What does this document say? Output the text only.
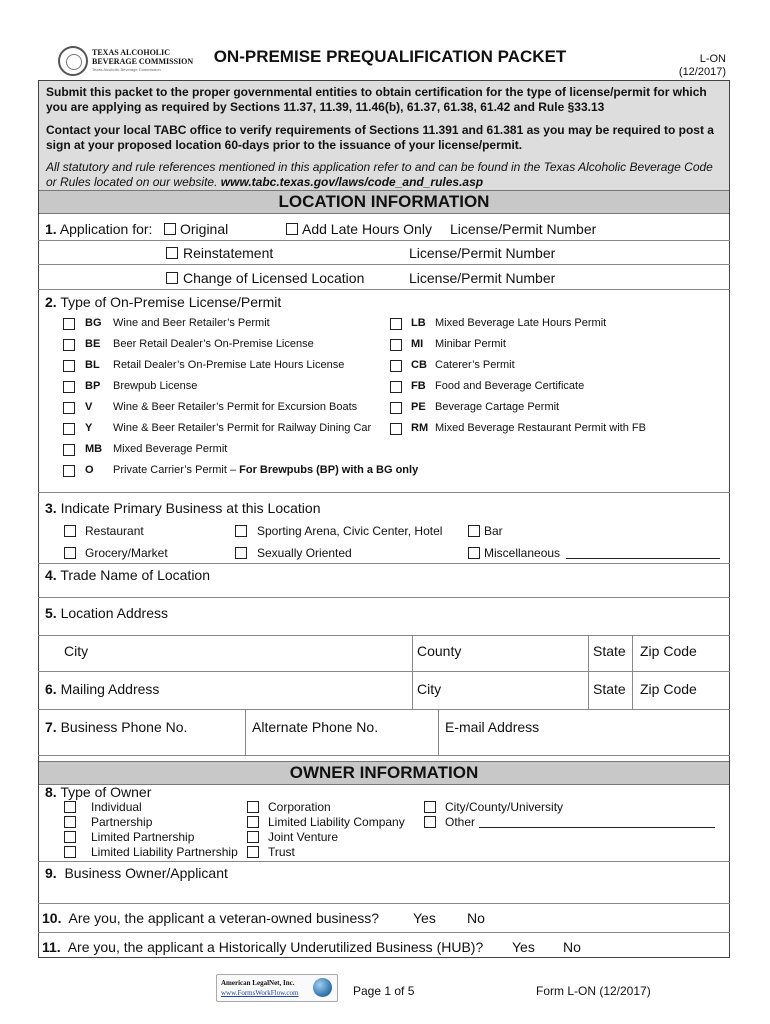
TEXAS ALCOHOLIC
BEVERAGE COMMISSION
Texas Alcoholic Beverage Commission
ON-PREMISE PREQUALIFICATION PACKET	L-ON
(12/2017)

Submit this packet to the proper governmental entities to obtain certification for the type of license/permit for which you are applying as required by Sections 11.37, 11.39, 11.46(b), 61.37, 61.38, 61.42 and Rule §33.13

Contact your local TABC office to verify requirements of Sections 11.391 and 61.381 as you may be required to post a sign at your proposed location 60-days prior to the issuance of your license/permit.

All statutory and rule references mentioned in this application refer to and can be found in the Texas Alcoholic Beverage Code or Rules located on our website. www.tabc.texas.gov/laws/code_and_rules.asp

LOCATION INFORMATION
1. Application for: Original	Add Late Hours Only License/Permit Number
Reinstatement	License/Permit Number
Change of Licensed Location	License/Permit Number
2. Type of On-Premise License/Permit
BG Wine and Beer Retailer’s Permit
BE Beer Retail Dealer’s On-Premise License
BL Retail Dealer’s On-Premise Late Hours License
BP Brewpub License
V Wine & Beer Retailer’s Permit for Excursion Boats
Y Wine & Beer Retailer’s Permit for Railway Dining Car
MB Mixed Beverage Permit
O Private Carrier’s Permit – For Brewpubs (BP) with a BG only
LB Mixed Beverage Late Hours Permit
MI Minibar Permit
CB Caterer’s Permit
FB Food and Beverage Certificate
PE Beverage Cartage Permit
RM Mixed Beverage Restaurant Permit with FB
3. Indicate Primary Business at this Location
Restaurant	Sporting Arena, Civic Center, Hotel	Bar
Grocery/Market	Sexually Oriented	Miscellaneous
4. Trade Name of Location
5. Location Address
City	County	State Zip Code
6. Mailing Address	City	State Zip Code
7. Business Phone No.	Alternate Phone No.	E-mail Address
OWNER INFORMATION
8. Type of Owner
Individual
Partnership
Limited Partnership
Limited Liability Partnership
Corporation
Limited Liability Company
Joint Venture
Trust
City/County/University
Other
9. Business Owner/Applicant
10. Are you, the applicant a veteran-owned business? Yes No
11. Are you, the applicant a Historically Underutilized Business (HUB)? Yes No
American LegalNet, Inc.
www.FormsWorkFlow.com	Page 1 of 5	Form L-ON (12/2017)
